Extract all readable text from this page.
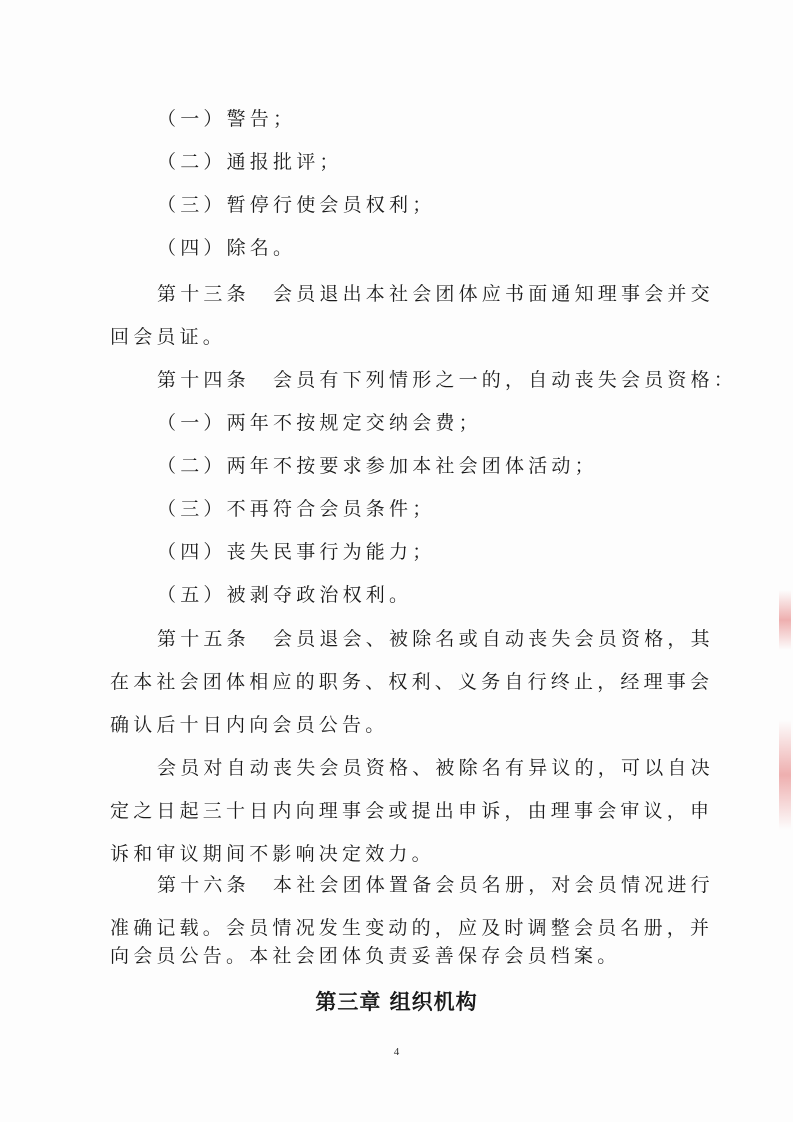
（一）警告；
（二）通报批评；
（三）暂停行使会员权利；
（四）除名。
第十三条　会员退出本社会团体应书面通知理事会并交
回会员证。
第十四条　会员有下列情形之一的，自动丧失会员资格：
（一）两年不按规定交纳会费；
（二）两年不按要求参加本社会团体活动；
（三）不再符合会员条件；
（四）丧失民事行为能力；
（五）被剥夺政治权利。
第十五条　会员退会、被除名或自动丧失会员资格，其
在本社会团体相应的职务、权利、义务自行终止，经理事会
确认后十日内向会员公告。
会员对自动丧失会员资格、被除名有异议的，可以自决
定之日起三十日内向理事会或提出申诉，由理事会审议，申
诉和审议期间不影响决定效力。
第十六条　本社会团体置备会员名册，对会员情况进行
准确记载。会员情况发生变动的，应及时调整会员名册，并
向会员公告。本社会团体负责妥善保存会员档案。
第三章 组织机构
4
